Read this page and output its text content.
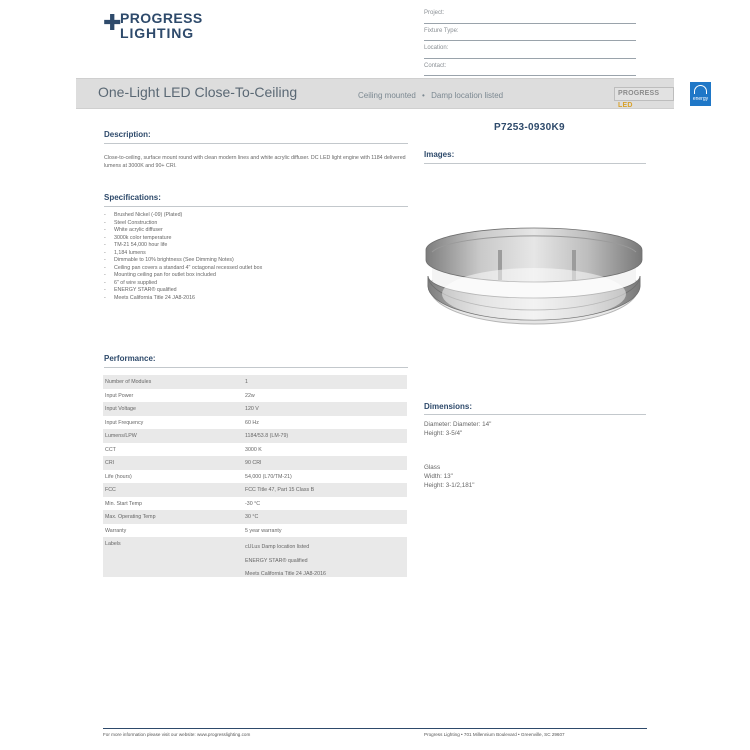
✚
PROGRESS
LIGHTING
Project:
Fixture Type:
Location:
Contact:
One-Light LED Close-To-Ceiling	Ceiling mounted • Damp location listed	PROGRESS LED
energy
Description:
Close-to-ceiling, surface mount round with clean modern lines and white acrylic diffuser. DC LED light engine with 1184 delivered lumens at 3000K and 90+ CRI.
Specifications:
- Brushed Nickel (-09) (Plated)
- Steel Construction
- White acrylic diffuser
- 3000k color temperature
- TM-21 54,000 hour life
- 1,184 lumens
- Dimmable to 10% brightness (See Dimming Notes)
- Ceiling pan covers a standard 4" octagonal recessed outlet box
- Mounting ceiling pan for outlet box included
- 6" of wire supplied
- ENERGY STAR® qualified
- Meets California Title 24 JA8-2016
Performance:
Number of Modules	1
Input Power	22w
Input Voltage	120 V
Input Frequency	60 Hz
Lumens/LPW	1184/53.8 (LM-79)
CCT	3000 K
CRI	90 CRI
Life (hours)	54,000 (L70/TM-21)
FCC	FCC Title 47, Part 15 Class B
Min. Start Temp	-30 °C
Max. Operating Temp	30 °C
Warranty	5 year warranty
Labels	cULus Damp location listed
ENERGY STAR® qualified
Meets California Title 24 JA8-2016
P7253-0930K9
Images:
Dimensions:
Diameter: Diameter: 14"
Height: 3-5/4"
Glass
Width: 13"
Height: 3-1/2,181"
For more information please visit our website: www.progresslighting.com	Progress Lighting • 701 Millennium Boulevard • Greenville, SC 29607
